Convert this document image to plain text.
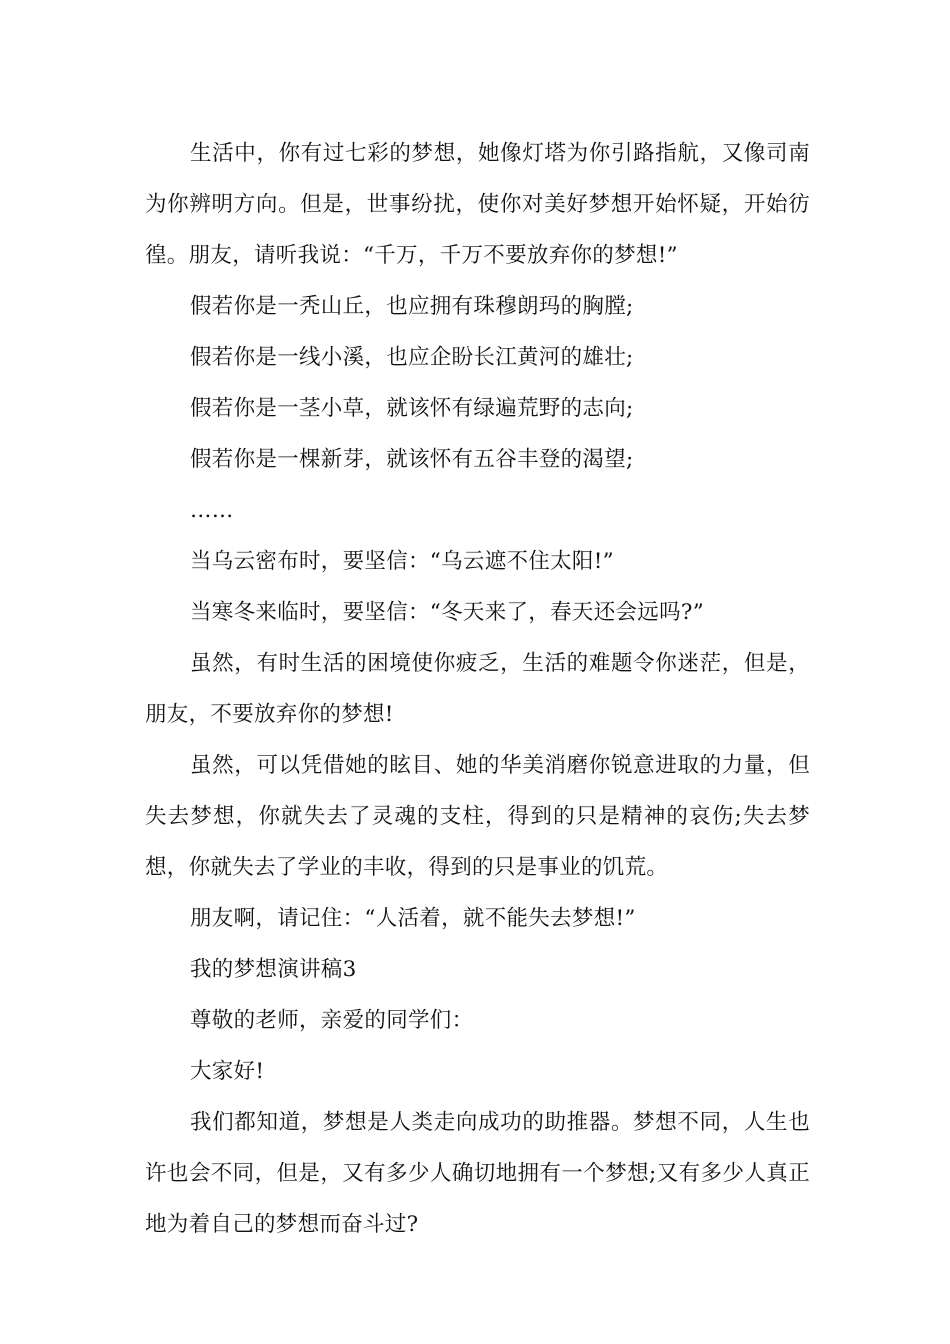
生活中，你有过七彩的梦想，她像灯塔为你引路指航，又像司南为你辨明方向。但是，世事纷扰，使你对美好梦想开始怀疑，开始彷徨。朋友，请听我说：“千万，千万不要放弃你的梦想!”

假若你是一秃山丘，也应拥有珠穆朗玛的胸膛;

假若你是一线小溪，也应企盼长江黄河的雄壮;

假若你是一茎小草，就该怀有绿遍荒野的志向;

假若你是一棵新芽，就该怀有五谷丰登的渴望;

……

当乌云密布时，要坚信：“乌云遮不住太阳!”

当寒冬来临时，要坚信：“冬天来了，春天还会远吗?”

虽然，有时生活的困境使你疲乏，生活的难题令你迷茫，但是，朋友，不要放弃你的梦想!

虽然，可以凭借她的眩目、她的华美消磨你锐意进取的力量，但失去梦想，你就失去了灵魂的支柱，得到的只是精神的哀伤;失去梦想，你就失去了学业的丰收，得到的只是事业的饥荒。

朋友啊，请记住：“人活着，就不能失去梦想!”

我的梦想演讲稿3

尊敬的老师，亲爱的同学们：

大家好!

我们都知道，梦想是人类走向成功的助推器。梦想不同，人生也许也会不同，但是，又有多少人确切地拥有一个梦想;又有多少人真正地为着自己的梦想而奋斗过?
